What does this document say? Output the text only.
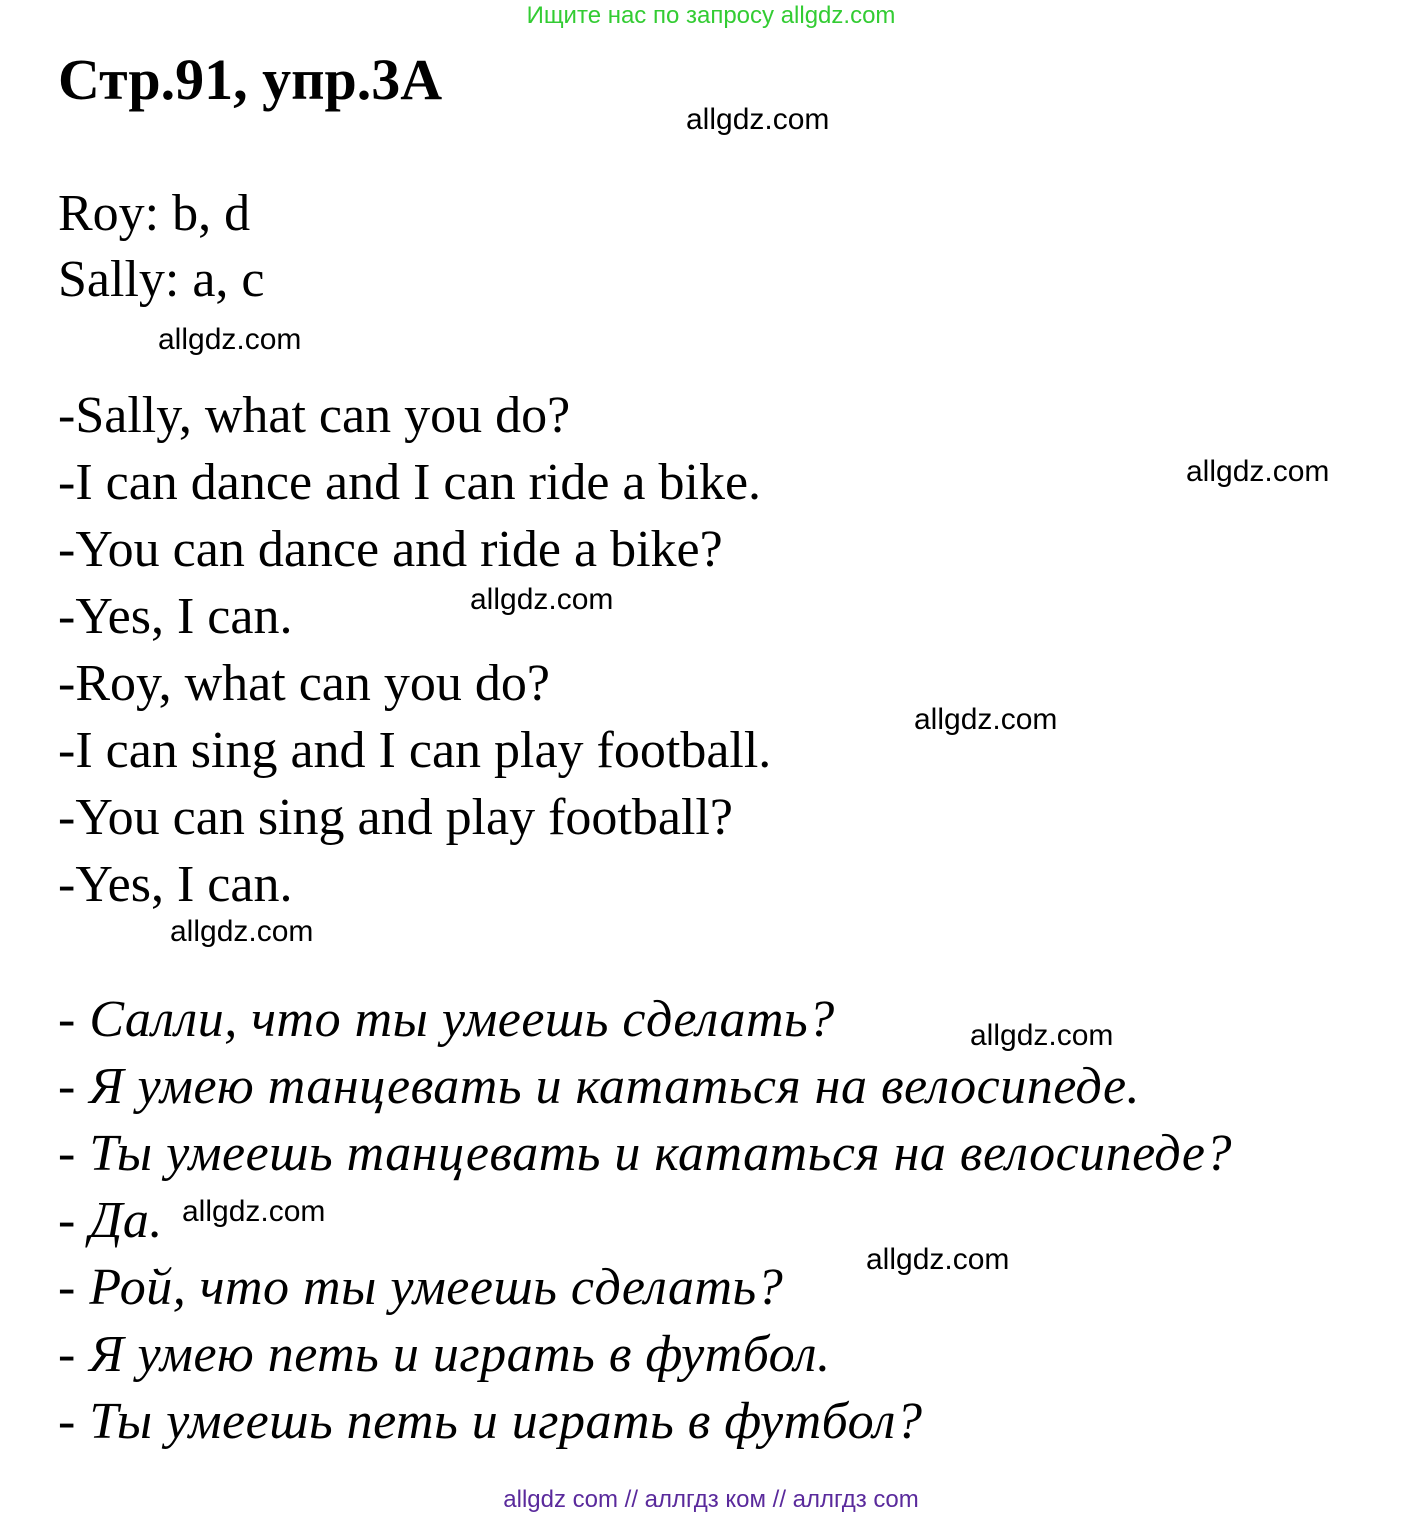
Ищите нас по запросу allgdz.com
Стр.91, упр.3А
Roy: b, d
Sally: a, c
-Sally, what can you do?
-I can dance and I can ride a bike.
-You can dance and ride a bike?
-Yes, I can.
-Roy, what can you do?
-I can sing and I can play football.
-You can sing and play football?
-Yes, I can.
- Салли, что ты умеешь сделать?
- Я умею танцевать и кататься на велосипеде.
- Ты умеешь танцевать и кататься на велосипеде?
- Да.
- Рой, что ты умеешь сделать?
- Я умею петь и играть в футбол.
- Ты умеешь петь и играть в футбол?
allgdz.com
allgdz.com
allgdz.com
allgdz.com
allgdz.com
allgdz.com
allgdz.com
allgdz.com
allgdz.com
allgdz com // аллгдз ком // аллгдз com
